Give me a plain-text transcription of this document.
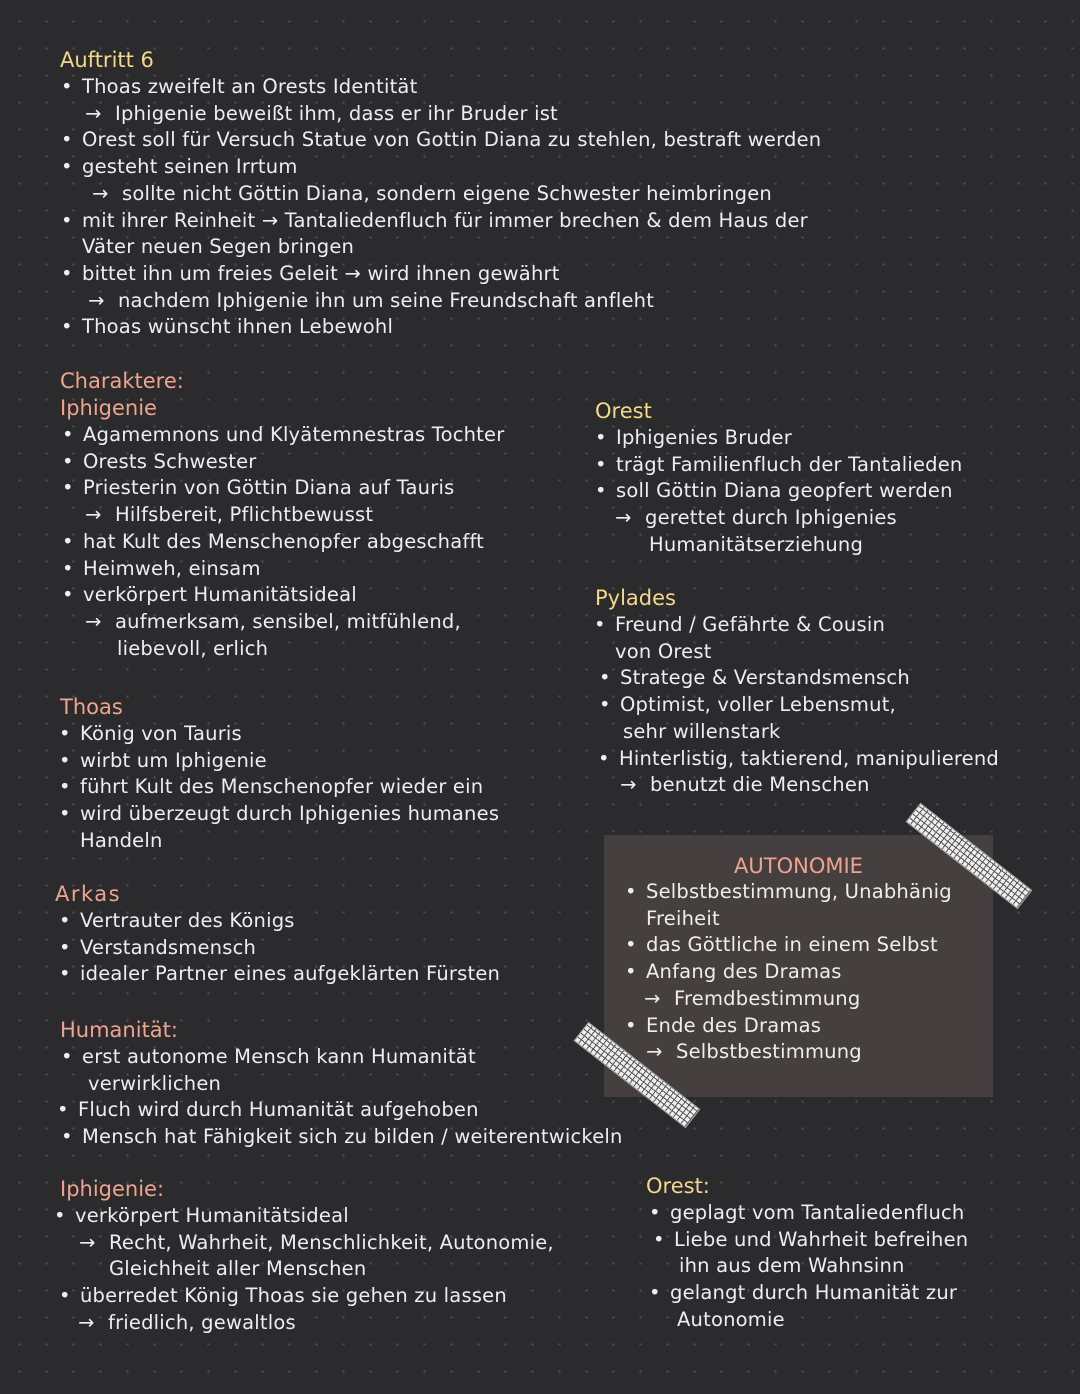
Auftritt 6
• Thoas zweifelt an Orests Identität
→ Iphigenie beweißt ihm, dass er ihr Bruder ist
• Orest soll für Versuch Statue von Gottin Diana zu stehlen, bestraft werden
• gesteht seinen Irrtum
→ sollte nicht Göttin Diana, sondern eigene Schwester heimbringen
• mit ihrer Reinheit → Tantaliedenfluch für immer brechen & dem Haus der
Väter neuen Segen bringen
• bittet ihn um freies Geleit → wird ihnen gewährt
→ nachdem Iphigenie ihn um seine Freundschaft anfleht
• Thoas wünscht ihnen Lebewohl
Charaktere:
Iphigenie
• Agamemnons und Klyätemnestras Tochter
• Orests Schwester
• Priesterin von Göttin Diana auf Tauris
→ Hilfsbereit, Pflichtbewusst
• hat Kult des Menschenopfer abgeschafft
• Heimweh, einsam
• verkörpert Humanitätsideal
→ aufmerksam, sensibel, mitfühlend,
liebevoll, erlich
Thoas
• König von Tauris
• wirbt um Iphigenie
• führt Kult des Menschenopfer wieder ein
• wird überzeugt durch Iphigenies humanes
Handeln
Arkas
• Vertrauter des Königs
• Verstandsmensch
• idealer Partner eines aufgeklärten Fürsten
Orest
• Iphigenies Bruder
• trägt Familienfluch der Tantalieden
• soll Göttin Diana geopfert werden
→ gerettet durch Iphigenies
Humanitätserziehung
Pylades
• Freund / Gefährte & Cousin
von Orest
• Stratege & Verstandsmensch
• Optimist, voller Lebensmut,
sehr willenstark
• Hinterlistig, taktierend, manipulierend
→ benutzt die Menschen
AUTONOMIE
• Selbstbestimmung, Unabhänig
Freiheit
• das Göttliche in einem Selbst
• Anfang des Dramas
→ Fremdbestimmung
• Ende des Dramas
→ Selbstbestimmung
Humanität:
• erst autonome Mensch kann Humanität
verwirklichen
• Fluch wird durch Humanität aufgehoben
• Mensch hat Fähigkeit sich zu bilden / weiterentwickeln
Iphigenie:
• verkörpert Humanitätsideal
→ Recht, Wahrheit, Menschlichkeit, Autonomie,
Gleichheit aller Menschen
• überredet König Thoas sie gehen zu lassen
→ friedlich, gewaltlos
Orest:
• geplagt vom Tantaliedenfluch
• Liebe und Wahrheit befreihen
ihn aus dem Wahnsinn
• gelangt durch Humanität zur
Autonomie
